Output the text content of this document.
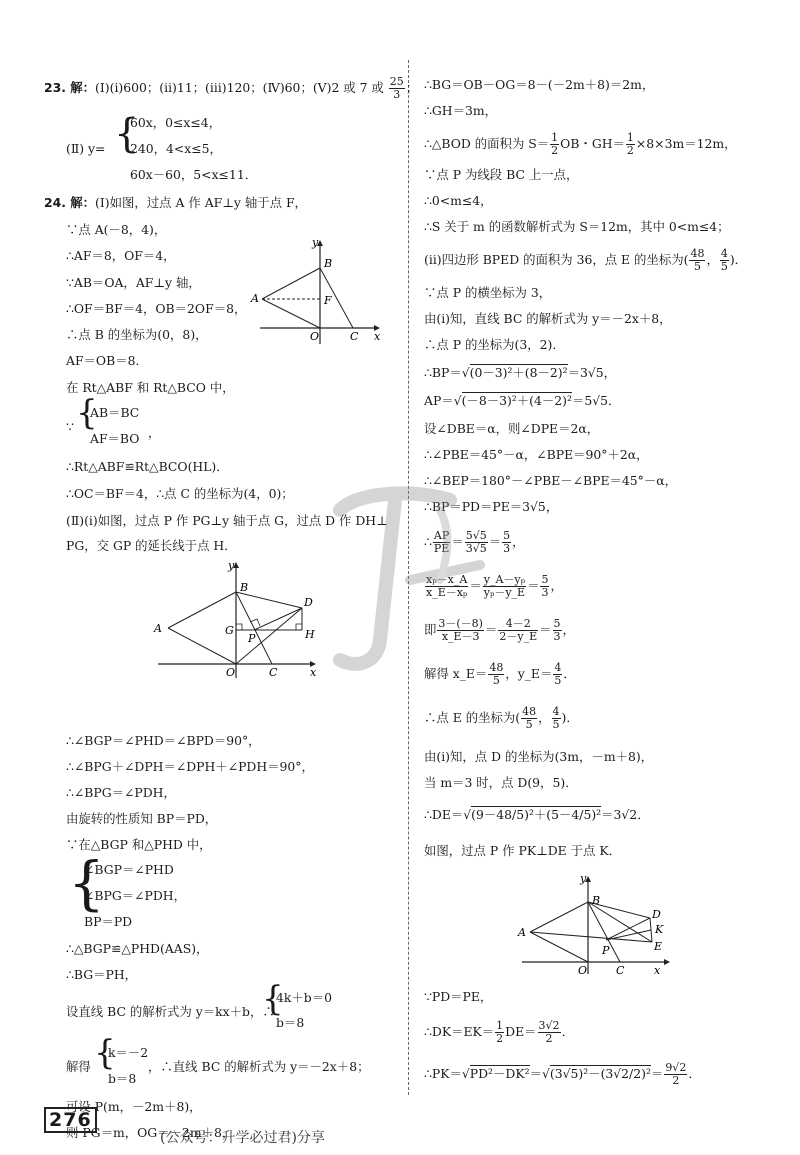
23. 解：(Ⅰ)(ⅰ)600；(ⅱ)11；(ⅲ)120；(Ⅳ)60；(Ⅴ)2 或 7 或 $\frac{25}{3}$ ；
(Ⅱ) y= {
60x，0≤x≤4，
240，4<x≤5，
60x－60，5<x≤11．
24. 解：(Ⅰ)如图，过点 A 作 AF⊥y 轴于点 F，
∵点 A(－8，4)，
∴AF＝8，OF＝4，
∵AB＝OA，AF⊥y 轴，
∴OF＝BF＝4，OB＝2OF＝8，
∴点 B 的坐标为(0，8)，
AF＝OB＝8．
在 Rt△ABF 和 Rt△BCO 中，
∵ {
AB＝BC
AF＝BO ，
∴Rt△ABF≌Rt△BCO(HL)．
∴OC＝BF＝4，∴点 C 的坐标为(4，0)；
(Ⅱ)(ⅰ)如图，过点 P 作 PG⊥y 轴于点 G，过点 D 作 DH⊥
PG，交 GP 的延长线于点 H．
∴∠BGP＝∠PHD＝∠BPD＝90°，
∴∠BPG＋∠DPH＝∠DPH＋∠PDH＝90°，
∴∠BPG＝∠PDH，
由旋转的性质知 BP＝PD，
∵在△BGP 和△PHD 中，
{
∠BGP＝∠PHD
∠BPG＝∠PDH，
BP＝PD
∴△BGP≌△PHD(AAS)，
∴BG＝PH，
设直线 BC 的解析式为 y＝kx＋b，∴
{
4k＋b＝0
b＝8
解得 {
k＝－2
b＝8
，∴直线 BC 的解析式为 y＝－2x＋8；
可设 P(m，－2m＋8)，
则 PG＝m，OG＝－2m＋8，
y
x
B
A	F
O	C
y
x
B
A
D
G
P	H
O	C
∴BG＝OB－OG＝8－(－2m＋8)＝2m，
∴GH＝3m，
∴△BOD 的面积为 $S= \frac{1}{2}$ OB・$GH= \frac{1}{2} \times 8\times 3m=12m$，
∵点 P 为线段 BC 上一点，
∴0<m≤4，
∴S 关于 m 的函数解析式为 S＝12m，其中 0<m≤4；
(ⅱ)四边形 BPED 的面积为 36，点 E 的坐标为( $\frac{48}{5}$ ， $\frac{4}{5}$ )．
∵点 P 的横坐标为 3，
由(ⅰ)知，直线 BC 的解析式为 y＝－2x＋8，
∴点 P 的坐标为(3，2)．
∴BP＝√(0－3)²＋(8－2)²＝3√5，
AP＝√(－8－3)²＋(4－2)²＝5√5．
设∠DBE＝α，则∠DPE＝2α，
∴∠PBE＝45°－α，∠BPE＝90°＋2α，
∴∠BEP＝180°－∠PBE－∠BPE＝45°－α，
∴BP＝PD＝PE＝3√5，
∴ $\frac{AP}{PE} = \frac{5√5}{3√5} = \frac{5}{3}$ ，
$\frac{\text{xₚ－x\_A}}{\text{x\_E－xₚ}} = \frac{\text{y\_A－yₚ}}{\text{yₚ－y\_E}} = \frac{5}{3}$ ，
即 $\frac{3-(-8)}{x\_E-3} = \frac{4-2}{2-y\_E} = \frac{5}{3}$ ，
解得 x_E＝ $\frac{48}{5}$ ，y_E＝ $\frac{4}{5}$ ．
∴点 E 的坐标为( $\frac{48}{5}$ ， $\frac{4}{5}$ )．
由(ⅰ)知，点 D 的坐标为(3m，－m＋8)，
当 m＝3 时，点 D(9，5)．
∴DE＝√(9－48/5)²＋(5－4/5)²＝3√2．
如图，过点 P 作 PK⊥DE 于点 K．
∵PD＝PE，
∴DK＝EK＝ $\frac{1}{2} DE= \frac{3√2}{2}$ ．
∴PK＝√PD²－DK²＝√(3√5)²－(3√2/2)²＝ $\frac{9√2}{2}$ ．
y
x
B
A
D
K
E
P
O	C
276
(公众号：升学必过君)分享
